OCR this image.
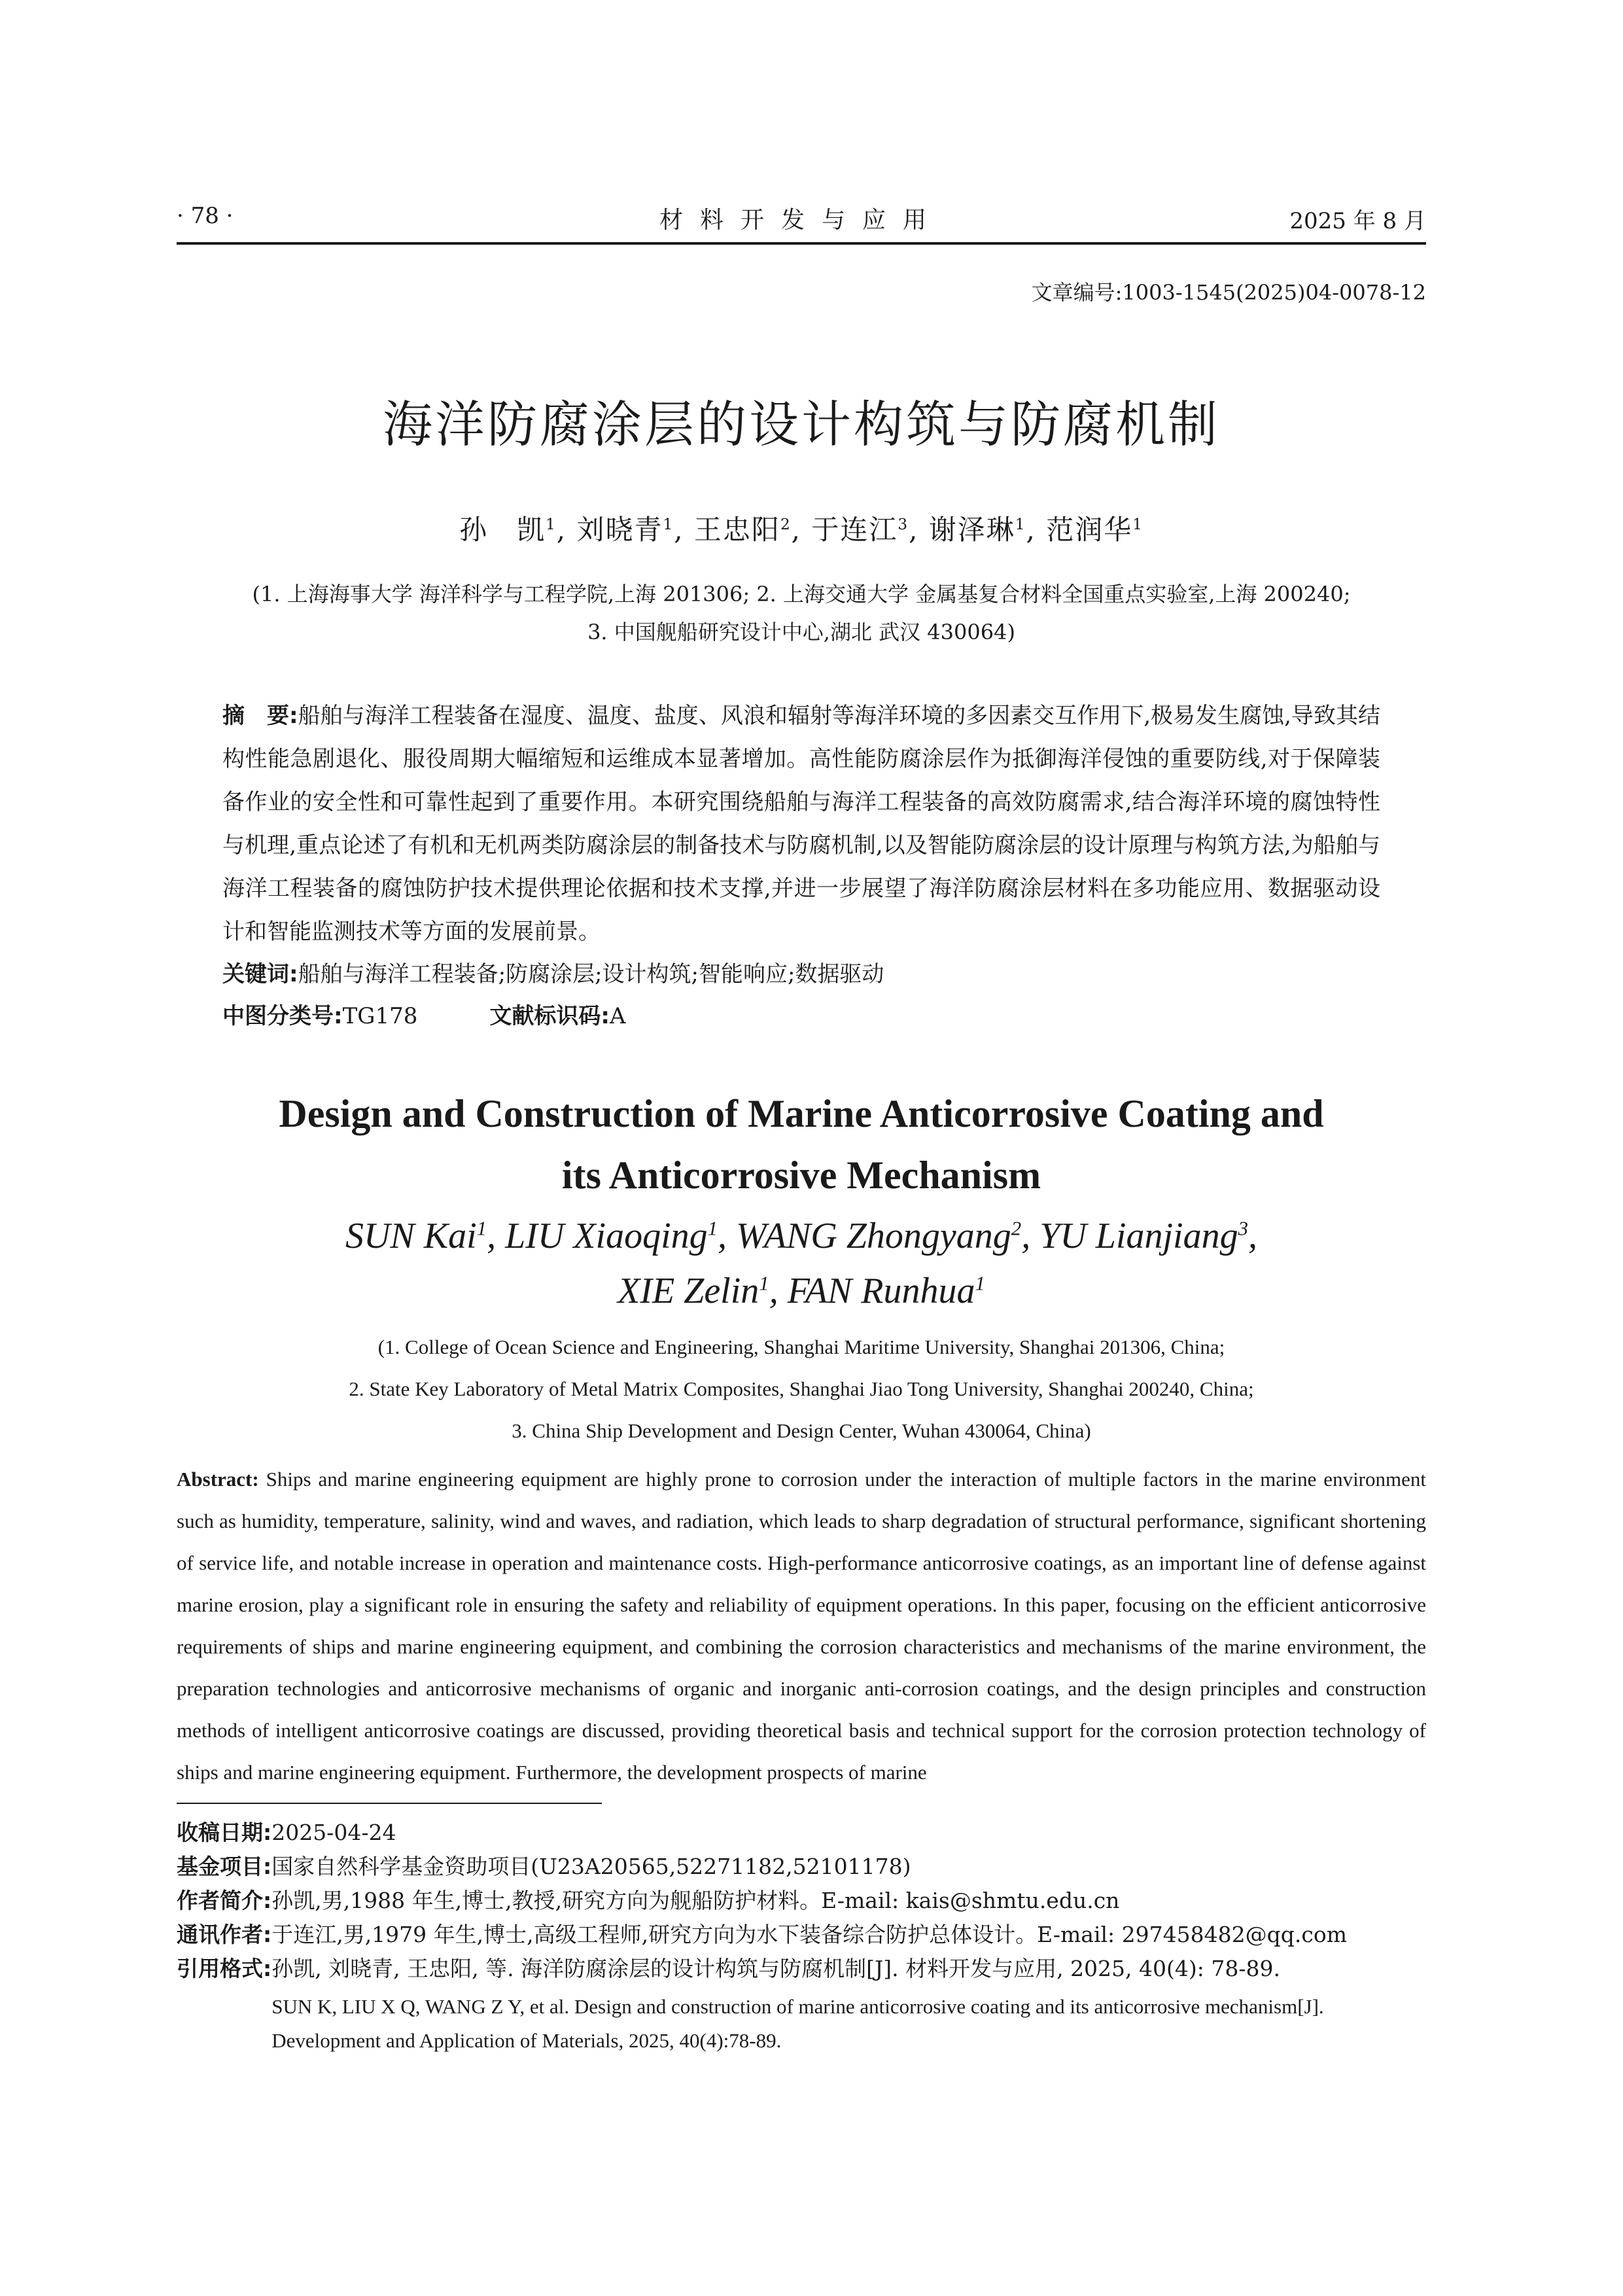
· 78 ·	材料开发与应用	2025 年 8 月
文章编号:1003-1545(2025)04-0078-12
海洋防腐涂层的设计构筑与防腐机制
孙　凯$^1$, 刘晓青$^1$, 王忠阳$^2$, 于连江$^3$, 谢泽琳$^1$, 范润华$^1$
(1. 上海海事大学 海洋科学与工程学院,上海 201306; 2. 上海交通大学 金属基复合材料全国重点实验室,上海 200240;
3. 中国舰船研究设计中心,湖北 武汉 430064)
摘　要:船舶与海洋工程装备在湿度、温度、盐度、风浪和辐射等海洋环境的多因素交互作用下,极易发生腐蚀,导致其结构性能急剧退化、服役周期大幅缩短和运维成本显著增加。高性能防腐涂层作为抵御海洋侵蚀的重要防线,对于保障装备作业的安全性和可靠性起到了重要作用。本研究围绕船舶与海洋工程装备的高效防腐需求,结合海洋环境的腐蚀特性与机理,重点论述了有机和无机两类防腐涂层的制备技术与防腐机制,以及智能防腐涂层的设计原理与构筑方法,为船舶与海洋工程装备的腐蚀防护技术提供理论依据和技术支撑,并进一步展望了海洋防腐涂层材料在多功能应用、数据驱动设计和智能监测技术等方面的发展前景。
关键词:船舶与海洋工程装备;防腐涂层;设计构筑;智能响应;数据驱动
中图分类号:TG178	文献标识码:A
Design and Construction of Marine Anticorrosive Coating and
its Anticorrosive Mechanism
SUN Kai$^1$, LIU Xiaoqing$^1$, WANG Zhongyang$^2$, YU Lianjiang$^3$,
XIE Zelin$^1$, FAN Runhua$^1$
(1. College of Ocean Science and Engineering, Shanghai Maritime University, Shanghai 201306, China;
2. State Key Laboratory of Metal Matrix Composites, Shanghai Jiao Tong University, Shanghai 200240, China;
3. China Ship Development and Design Center, Wuhan 430064, China)
Abstract: Ships and marine engineering equipment are highly prone to corrosion under the interaction of multiple factors in the marine environment such as humidity, temperature, salinity, wind and waves, and radiation, which leads to sharp degradation of structural performance, significant shortening of service life, and notable increase in operation and maintenance costs. High-performance anticorrosive coatings, as an important line of defense against marine erosion, play a significant role in ensuring the safety and reliability of equipment operations. In this paper, focusing on the efficient anticorrosive requirements of ships and marine engineering equipment, and combining the corrosion characteristics and mechanisms of the marine environment, the preparation technologies and anticorrosive mechanisms of organic and inorganic anti-corrosion coatings, and the design principles and construction methods of intelligent anticorrosive coatings are discussed, providing theoretical basis and technical support for the corrosion protection technology of ships and marine engineering equipment. Furthermore, the development prospects of marine
收稿日期: 2025-04-24
基金项目: 国家自然科学基金资助项目(U23A20565,52271182,52101178)
作者简介: 孙凯,男,1988 年生,博士,教授,研究方向为舰船防护材料。E-mail: kais@shmtu.edu.cn
通讯作者: 于连江,男,1979 年生,博士,高级工程师,研究方向为水下装备综合防护总体设计。E-mail: 297458482@qq.com
引用格式: 孙凯, 刘晓青, 王忠阳, 等. 海洋防腐涂层的设计构筑与防腐机制[J]. 材料开发与应用, 2025, 40(4): 78-89.
SUN K, LIU X Q, WANG Z Y, et al. Design and construction of marine anticorrosive coating and its anticorrosive mechanism[J]. Development and Application of Materials, 2025, 40(4):78-89.
